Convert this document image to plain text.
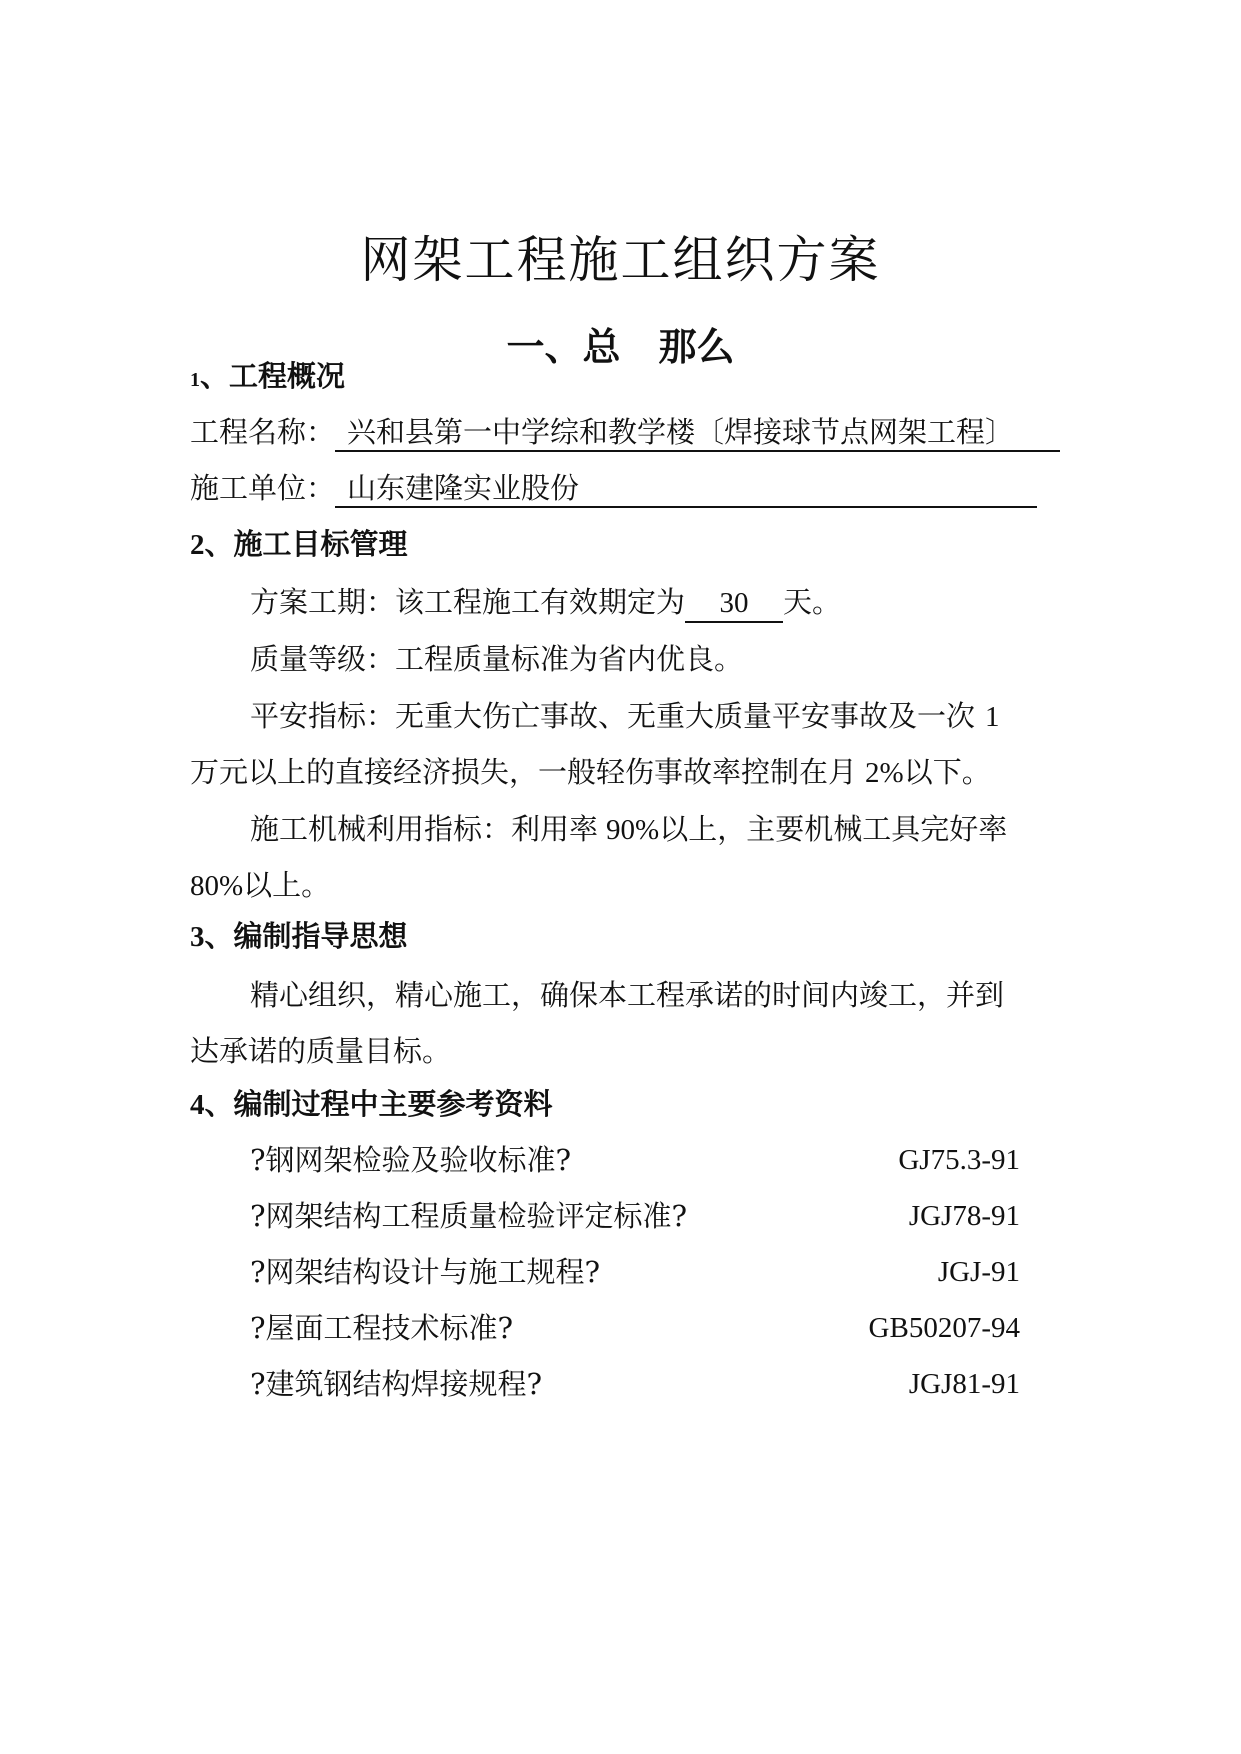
网架工程施工组织方案
一、总　那么
1、工程概况
工程名称： 兴和县第一中学综和教学楼〔焊接球节点网架工程〕
施工单位： 山东建隆实业股份
2、施工目标管理
方案工期：该工程施工有效期定为 30 天。
质量等级：工程质量标准为省内优良。
平安指标：无重大伤亡事故、无重大质量平安事故及一次 1
万元以上的直接经济损失，一般轻伤事故率控制在月 2%以下。
施工机械利用指标：利用率 90%以上，主要机械工具完好率
80%以上。
3、编制指导思想
精心组织，精心施工，确保本工程承诺的时间内竣工，并到
达承诺的质量目标。
4、编制过程中主要参考资料
?钢网架检验及验收标准?	GJ75.3-91
?网架结构工程质量检验评定标准?	JGJ78-91
?网架结构设计与施工规程?	JGJ-91
?屋面工程技术标准?	GB50207-94
?建筑钢结构焊接规程?	JGJ81-91
